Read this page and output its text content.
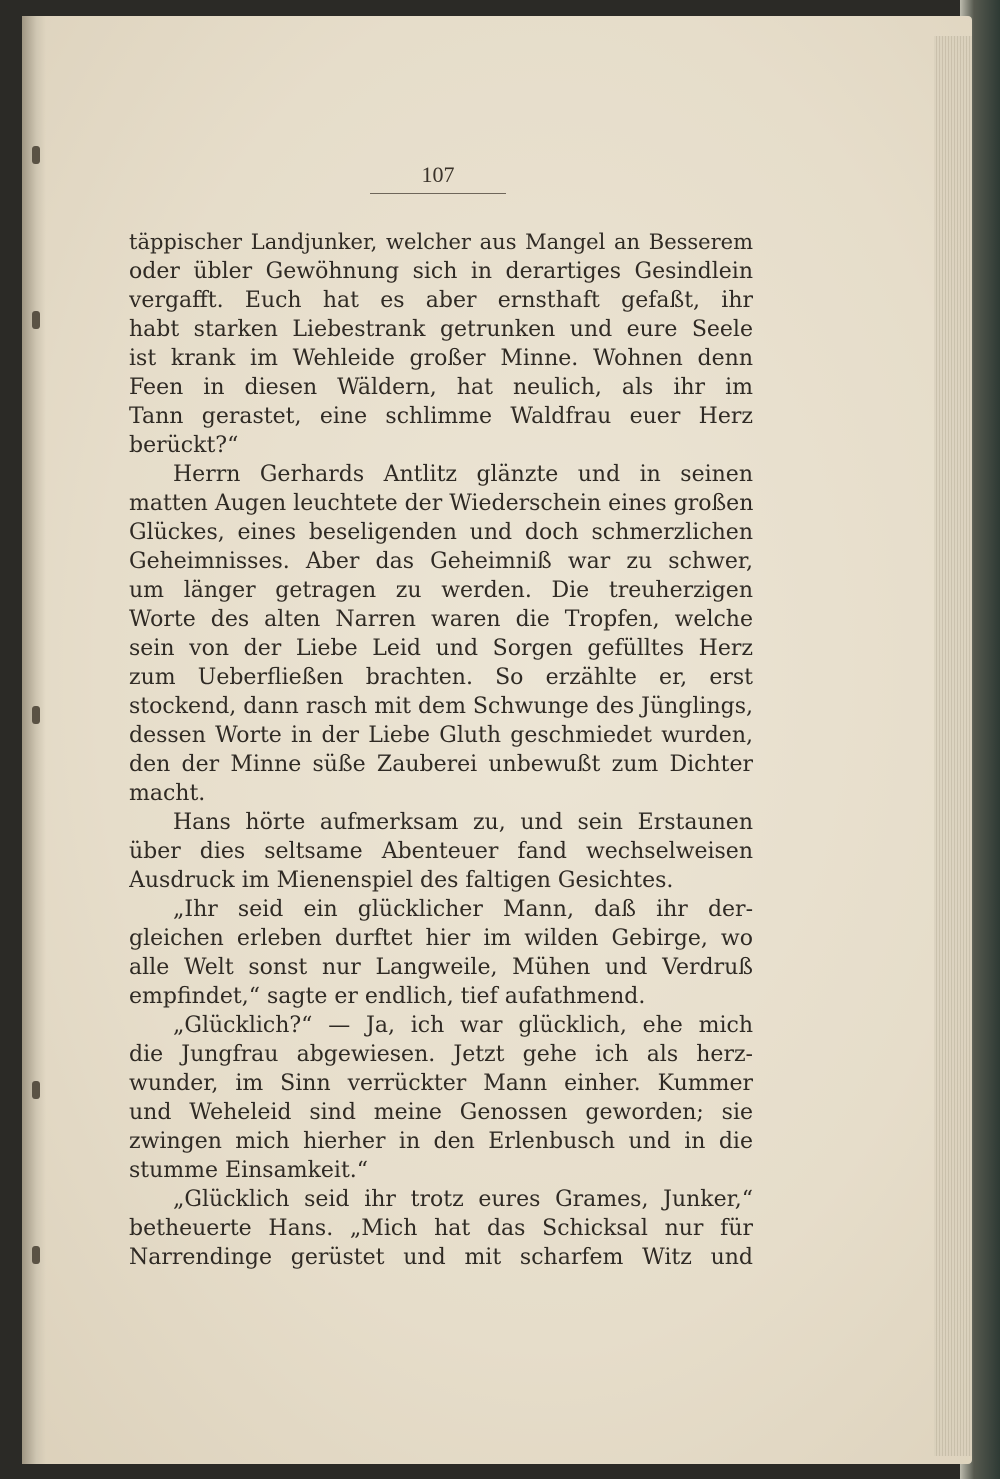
107
täppischer Landjunker, welcher aus Mangel an Besserem
oder übler Gewöhnung sich in derartiges Gesindlein
vergafft. Euch hat es aber ernsthaft gefaßt, ihr
habt starken Liebestrank getrunken und eure Seele
ist krank im Wehleide großer Minne. Wohnen denn
Feen in diesen Wäldern, hat neulich, als ihr im
Tann gerastet, eine schlimme Waldfrau euer Herz
berückt?“
Herrn Gerhards Antlitz glänzte und in seinen
matten Augen leuchtete der Wiederschein eines großen
Glückes, eines beseligenden und doch schmerzlichen
Geheimnisses. Aber das Geheimniß war zu schwer,
um länger getragen zu werden. Die treuherzigen
Worte des alten Narren waren die Tropfen, welche
sein von der Liebe Leid und Sorgen gefülltes Herz
zum Ueberfließen brachten. So erzählte er, erst
stockend, dann rasch mit dem Schwunge des Jünglings,
dessen Worte in der Liebe Gluth geschmiedet wurden,
den der Minne süße Zauberei unbewußt zum Dichter
macht.
Hans hörte aufmerksam zu, und sein Erstaunen
über dies seltsame Abenteuer fand wechselweisen
Ausdruck im Mienenspiel des faltigen Gesichtes.
„Ihr seid ein glücklicher Mann, daß ihr der-
gleichen erleben durftet hier im wilden Gebirge, wo
alle Welt sonst nur Langweile, Mühen und Verdruß
empfindet,“ sagte er endlich, tief aufathmend.
„Glücklich?“ — Ja, ich war glücklich, ehe mich
die Jungfrau abgewiesen. Jetzt gehe ich als herz-
wunder, im Sinn verrückter Mann einher. Kummer
und Weheleid sind meine Genossen geworden; sie
zwingen mich hierher in den Erlenbusch und in die
stumme Einsamkeit.“
„Glücklich seid ihr trotz eures Grames, Junker,“
betheuerte Hans. „Mich hat das Schicksal nur für
Narrendinge gerüstet und mit scharfem Witz und
